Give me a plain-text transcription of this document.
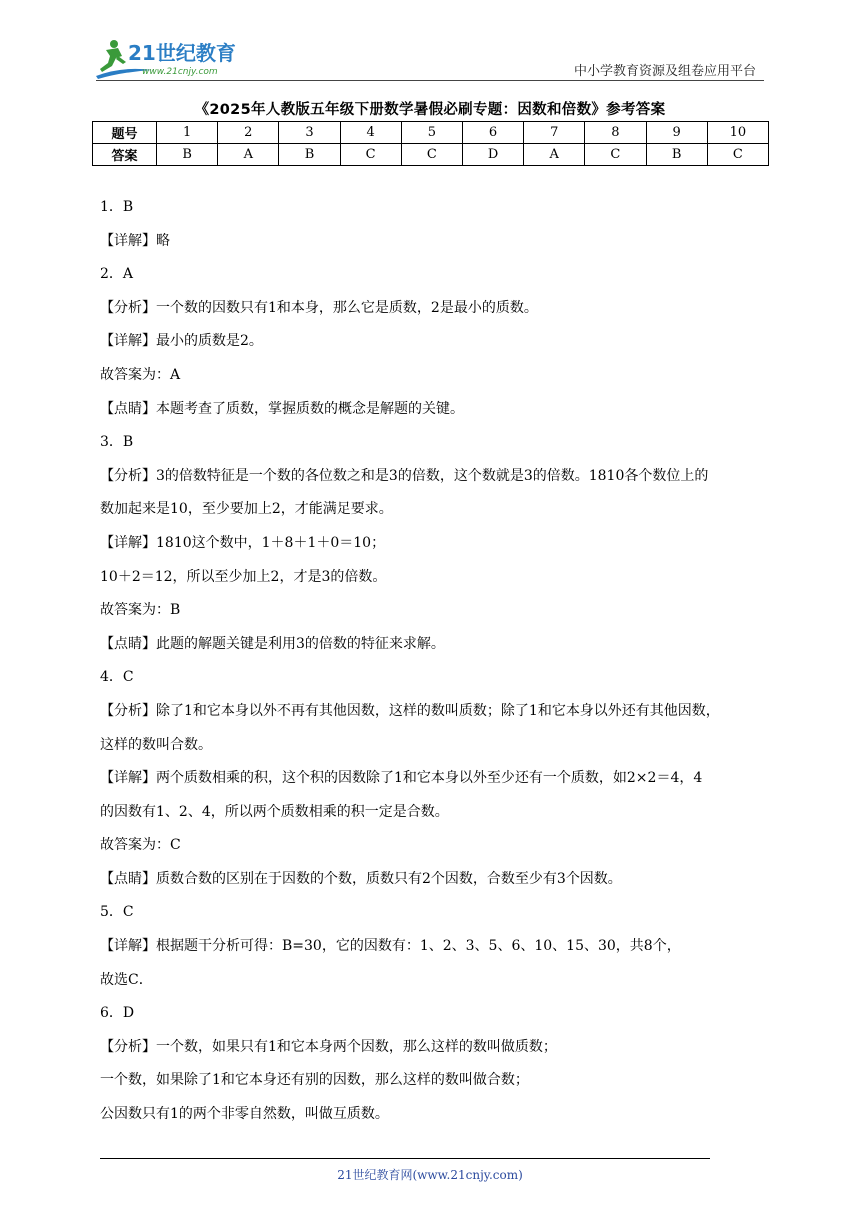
21世纪教育
www.21cnjy.com	中小学教育资源及组卷应用平台
《2025年人教版五年级下册数学暑假必刷专题：因数和倍数》参考答案
题号	1	2	3	4	5	6	7	8	9	10
答案	B	A	B	C	C	D	A	C	B	C
1．B
【详解】略
2．A
【分析】一个数的因数只有1和本身，那么它是质数，2是最小的质数。
【详解】最小的质数是2。
故答案为：A
【点睛】本题考查了质数，掌握质数的概念是解题的关键。
3．B
【分析】3的倍数特征是一个数的各位数之和是3的倍数，这个数就是3的倍数。1810各个数位上的
数加起来是10，至少要加上2，才能满足要求。
【详解】1810这个数中，1＋8＋1＋0＝10；
10＋2＝12，所以至少加上2，才是3的倍数。
故答案为：B
【点睛】此题的解题关键是利用3的倍数的特征来求解。
4．C
【分析】除了1和它本身以外不再有其他因数，这样的数叫质数；除了1和它本身以外还有其他因数，
这样的数叫合数。
【详解】两个质数相乘的积，这个积的因数除了1和它本身以外至少还有一个质数，如2×2＝4，4
的因数有1、2、4，所以两个质数相乘的积一定是合数。
故答案为：C
【点睛】质数合数的区别在于因数的个数，质数只有2个因数，合数至少有3个因数。
5．C
【详解】根据题干分析可得：B=30，它的因数有：1、2、3、5、6、10、15、30，共8个，
故选C．
6．D
【分析】一个数，如果只有1和它本身两个因数，那么这样的数叫做质数；
一个数，如果除了1和它本身还有别的因数，那么这样的数叫做合数；
公因数只有1的两个非零自然数，叫做互质数。
21世纪教育网(www.21cnjy.com)
